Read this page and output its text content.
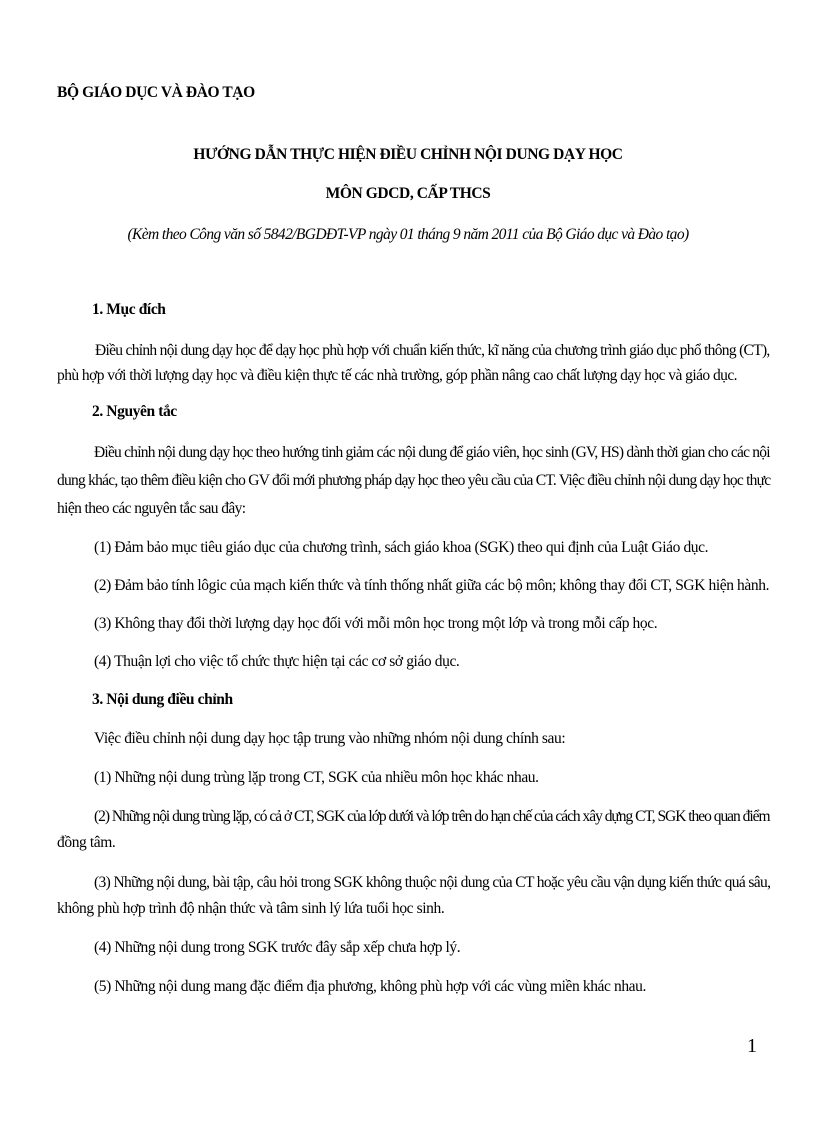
BỘ GIÁO DỤC VÀ ĐÀO TẠO

HƯỚNG DẪN THỰC HIỆN ĐIỀU CHỈNH NỘI DUNG DẠY HỌC

MÔN GDCD, CẤP THCS

(Kèm theo Công văn số 5842/BGDĐT-VP ngày 01 tháng 9 năm 2011 của Bộ Giáo dục và Đào tạo)

1. Mục đích

Điều chỉnh nội dung dạy học để dạy học phù hợp với chuẩn kiến thức, kĩ năng của chương trình giáo dục phổ thông (CT),

phù hợp với thời lượng dạy học và điều kiện thực tế các nhà trường, góp phần nâng cao chất lượng dạy học và giáo dục.

2. Nguyên tắc

Điều chỉnh nội dung dạy học theo hướng tinh giảm các nội dung để giáo viên, học sinh (GV, HS) dành thời gian cho các nội

dung khác, tạo thêm điều kiện cho GV đổi mới phương pháp dạy học theo yêu cầu của CT. Việc điều chỉnh nội dung dạy học thực

hiện theo các nguyên tắc sau đây:

(1) Đảm bảo mục tiêu giáo dục của chương trình, sách giáo khoa (SGK) theo qui định của Luật Giáo dục.

(2) Đảm bảo tính lôgic của mạch kiến thức và tính thống nhất giữa các bộ môn; không thay đổi CT, SGK hiện hành.

(3) Không thay đổi thời lượng dạy học đối với mỗi môn học trong một lớp và trong mỗi cấp học.

(4) Thuận lợi cho việc tổ chức thực hiện tại các cơ sở giáo dục.

3. Nội dung điều chỉnh

Việc điều chỉnh nội dung dạy học tập trung vào những nhóm nội dung chính sau:

(1) Những nội dung trùng lặp trong CT, SGK của nhiều môn học khác nhau.

(2) Những nội dung trùng lặp, có cả ở CT, SGK của lớp dưới và lớp trên do hạn chế của cách xây dựng CT, SGK theo quan điểm

đồng tâm.

(3) Những nội dung, bài tập, câu hỏi trong SGK không thuộc nội dung của CT hoặc yêu cầu vận dụng kiến thức quá sâu,

không phù hợp trình độ nhận thức và tâm sinh lý lứa tuổi học sinh.

(4) Những nội dung trong SGK trước đây sắp xếp chưa hợp lý.

(5) Những nội dung mang đặc điểm địa phương, không phù hợp với các vùng miền khác nhau.

1
